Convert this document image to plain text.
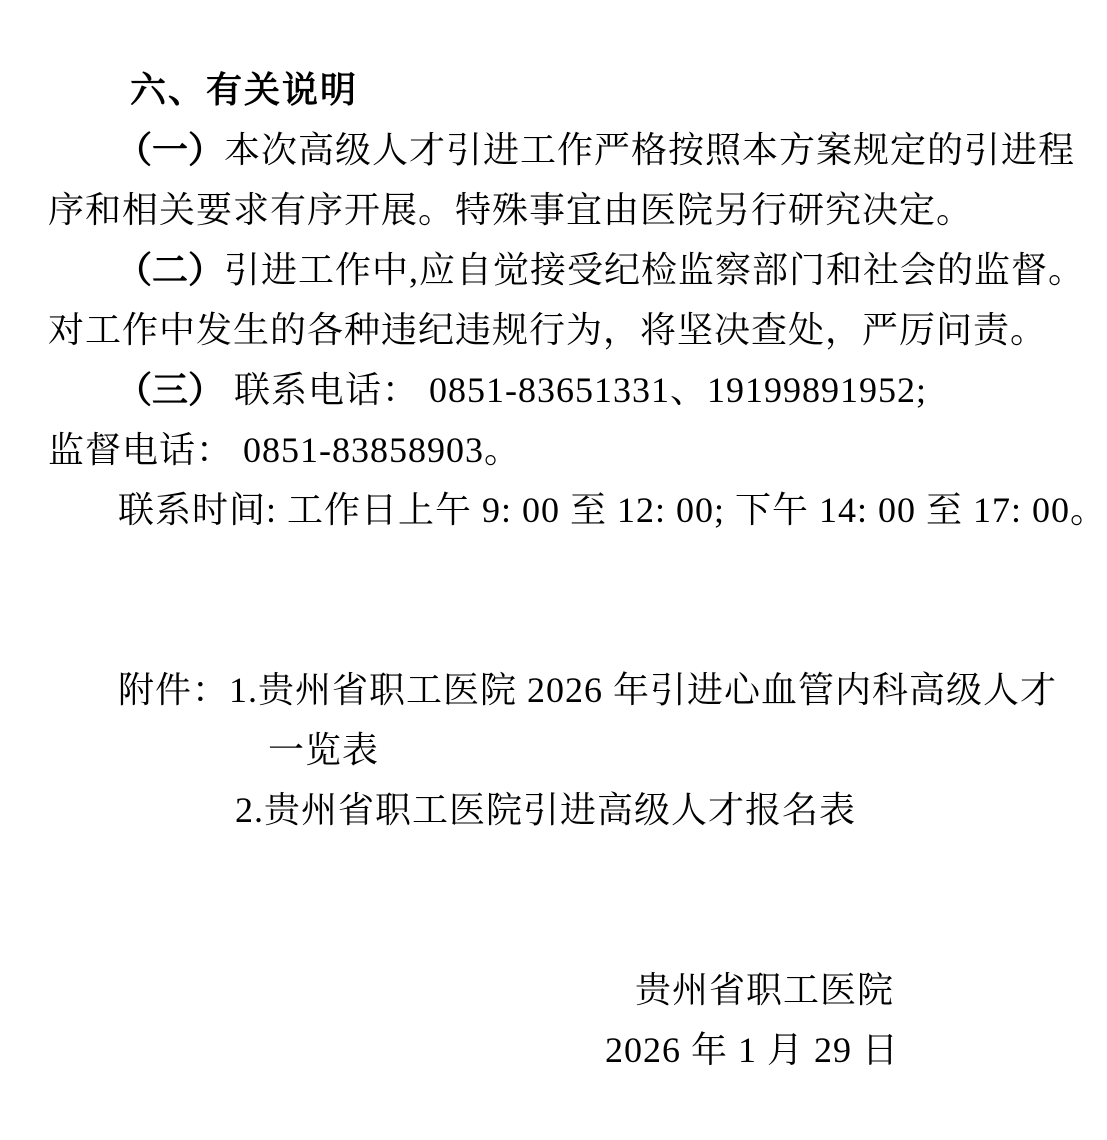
六、有关说明

（一）本次高级人才引进工作严格按照本方案规定的引进程

序和相关要求有序开展。特殊事宜由医院另行研究决定。

（二）引进工作中,应自觉接受纪检监察部门和社会的监督。

对工作中发生的各种违纪违规行为，将坚决查处，严厉问责。

（三） 联系电话： 0851-83651331、19199891952;

监督电话： 0851-83858903。

联系时间: 工作日上午 9: 00 至 12: 00; 下午 14: 00 至 17: 00。

附件：1.贵州省职工医院 2026 年引进心血管内科高级人才

一览表

2.贵州省职工医院引进高级人才报名表

贵州省职工医院

2026 年 1 月 29 日
